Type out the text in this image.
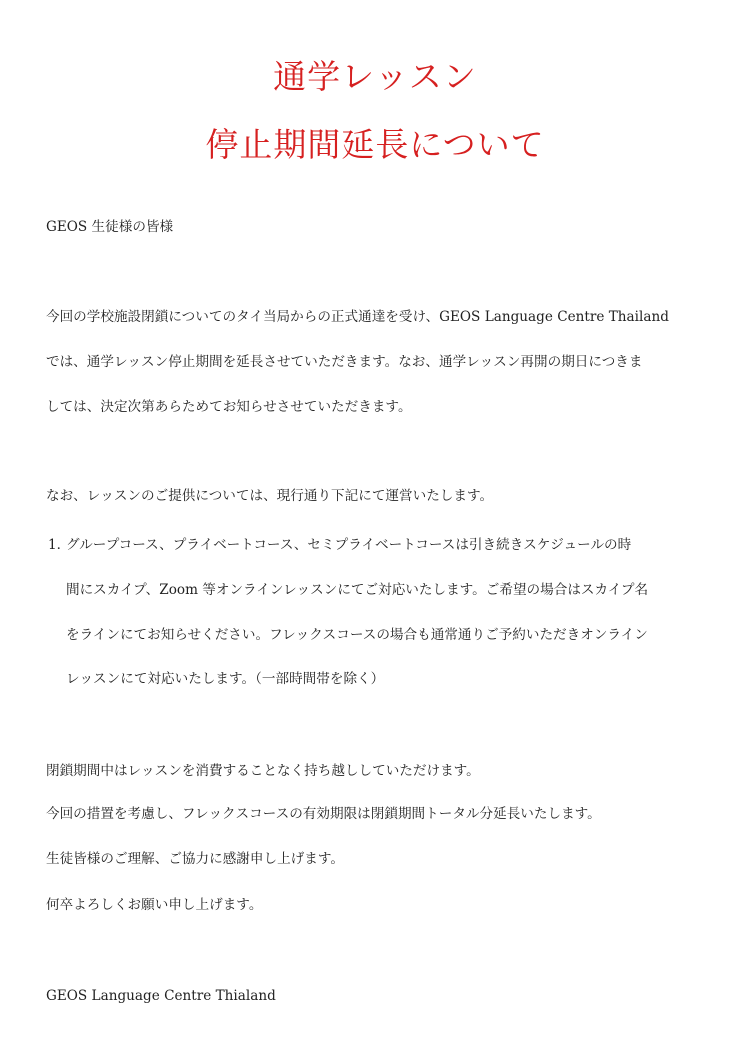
通学レッスン
停止期間延長について
GEOS 生徒様の皆様
今回の学校施設閉鎖についてのタイ当局からの正式通達を受け、GEOS Language Centre Thailand
では、通学レッスン停止期間を延長させていただきます。なお、通学レッスン再開の期日につきま
しては、決定次第あらためてお知らせさせていただきます。
なお、レッスンのご提供については、現行通り下記にて運営いたします。
1．
グループコース、プライベートコース、セミプライベートコースは引き続きスケジュールの時
間にスカイプ、Zoom 等オンラインレッスンにてご対応いたします。ご希望の場合はスカイプ名
をラインにてお知らせください。フレックスコースの場合も通常通りご予約いただきオンライン
レッスンにて対応いたします。（一部時間帯を除く）
閉鎖期間中はレッスンを消費することなく持ち越ししていただけます。
今回の措置を考慮し、フレックスコースの有効期限は閉鎖期間トータル分延長いたします。
生徒皆様のご理解、ご協力に感謝申し上げます。
何卒よろしくお願い申し上げます。
GEOS Language Centre Thialand
